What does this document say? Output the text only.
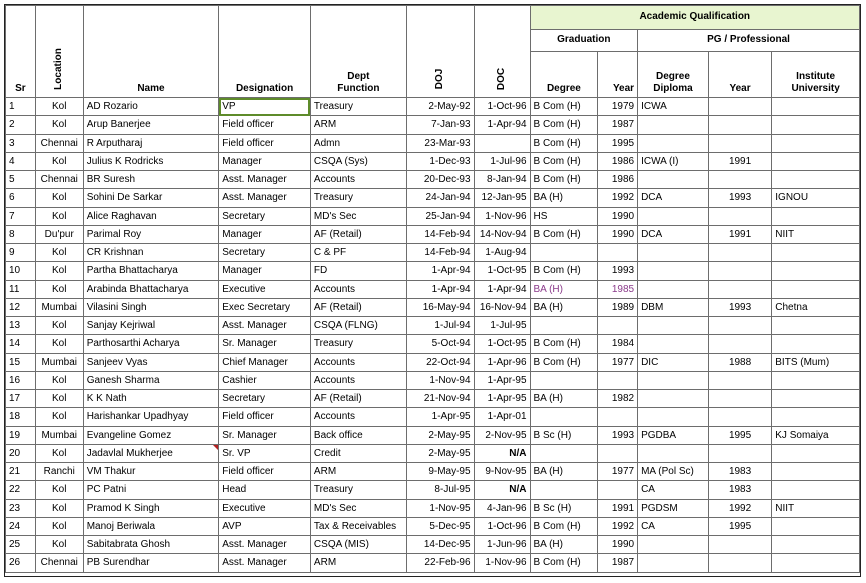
Sr	Location	Name	Designation	Dept Function	DOJ	DOC	Academic Qualification				
							Graduation		PG / Professional		
							Degree	Year	Degree Diploma	Year	Institute University
1	Kol	AD Rozario	VP	Treasury	2-May-92	1-Oct-96	B Com (H)	1979	ICWA		
2	Kol	Arup Banerjee	Field officer	ARM	7-Jan-93	1-Apr-94	B Com (H)	1987			
3	Chennai	R Arputharaj	Field officer	Admn	23-Mar-93		B Com (H)	1995			
4	Kol	Julius K Rodricks	Manager	CSQA (Sys)	1-Dec-93	1-Jul-96	B Com (H)	1986	ICWA (I)	1991	
5	Chennai	BR Suresh	Asst. Manager	Accounts	20-Dec-93	8-Jan-94	B Com (H)	1986			
6	Kol	Sohini De Sarkar	Asst. Manager	Treasury	24-Jan-94	12-Jan-95	BA (H)	1992	DCA	1993	IGNOU
7	Kol	Alice Raghavan	Secretary	MD's Sec	25-Jan-94	1-Nov-96	HS	1990			
8	Du'pur	Parimal Roy	Manager	AF (Retail)	14-Feb-94	14-Nov-94	B Com (H)	1990	DCA	1991	NIIT
9	Kol	CR Krishnan	Secretary	C & PF	14-Feb-94	1-Aug-94					
10	Kol	Partha Bhattacharya	Manager	FD	1-Apr-94	1-Oct-95	B Com (H)	1993			
11	Kol	Arabinda Bhattacharya	Executive	Accounts	1-Apr-94	1-Apr-94	BA (H)	1985			
12	Mumbai	Vilasini Singh	Exec Secretary	AF (Retail)	16-May-94	16-Nov-94	BA (H)	1989	DBM	1993	Chetna
13	Kol	Sanjay Kejriwal	Asst. Manager	CSQA (FLNG)	1-Jul-94	1-Jul-95					
14	Kol	Parthosarthi Acharya	Sr. Manager	Treasury	5-Oct-94	1-Oct-95	B Com (H)	1984			
15	Mumbai	Sanjeev Vyas	Chief Manager	Accounts	22-Oct-94	1-Apr-96	B Com (H)	1977	DIC	1988	BITS (Mum)
16	Kol	Ganesh Sharma	Cashier	Accounts	1-Nov-94	1-Apr-95					
17	Kol	K K Nath	Secretary	AF (Retail)	21-Nov-94	1-Apr-95	BA (H)	1982			
18	Kol	Harishankar Upadhyay	Field officer	Accounts	1-Apr-95	1-Apr-01					
19	Mumbai	Evangeline Gomez	Sr. Manager	Back office	2-May-95	2-Nov-95	B Sc (H)	1993	PGDBA	1995	KJ Somaiya
20	Kol	Jadavlal Mukherjee	Sr. VP	Credit	2-May-95	N/A					
21	Ranchi	VM Thakur	Field officer	ARM	9-May-95	9-Nov-95	BA (H)	1977	MA (Pol Sc)	1983	
22	Kol	PC Patni	Head	Treasury	8-Jul-95	N/A			CA	1983	
23	Kol	Pramod K Singh	Executive	MD's Sec	1-Nov-95	4-Jan-96	B Sc (H)	1991	PGDSM	1992	NIIT
24	Kol	Manoj Beriwala	AVP	Tax & Receivables	5-Dec-95	1-Oct-96	B Com (H)	1992	CA	1995	
25	Kol	Sabitabrata Ghosh	Asst. Manager	CSQA (MIS)	14-Dec-95	1-Jun-96	BA (H)	1990			
26	Chennai	PB Surendhar	Asst. Manager	ARM	22-Feb-96	1-Nov-96	B Com (H)	1987			
